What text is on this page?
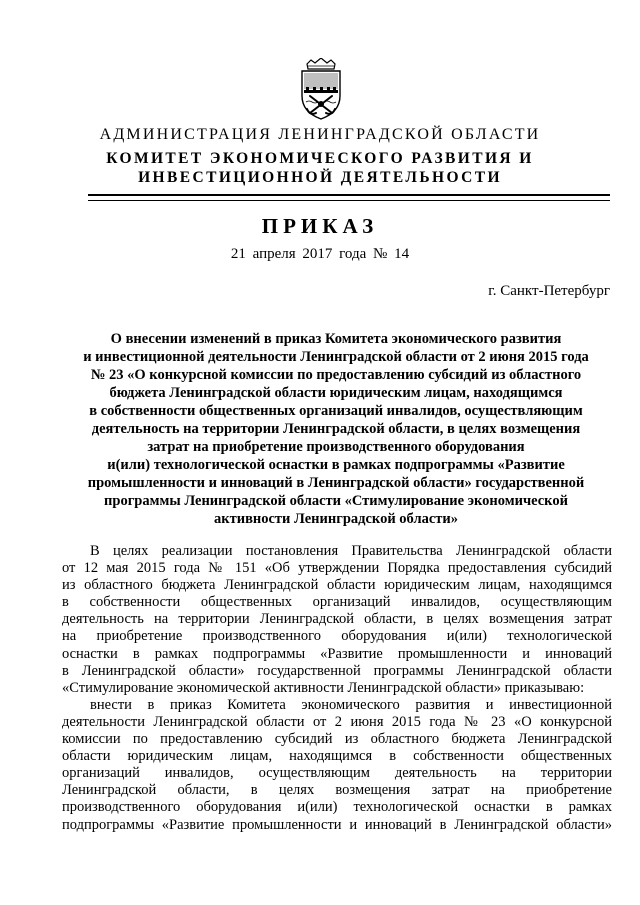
АДМИНИСТРАЦИЯ ЛЕНИНГРАДСКОЙ ОБЛАСТИ
КОМИТЕТ ЭКОНОМИЧЕСКОГО РАЗВИТИЯ И
ИНВЕСТИЦИОННОЙ ДЕЯТЕЛЬНОСТИ
ПРИКАЗ
21 апреля 2017 года № 14
г. Санкт-Петербург
О внесении изменений в приказ Комитета экономического развития
и инвестиционной деятельности Ленинградской области от 2 июня 2015 года
№ 23 «О конкурсной комиссии по предоставлению субсидий из областного
бюджета Ленинградской области юридическим лицам, находящимся
в собственности общественных организаций инвалидов, осуществляющим
деятельность на территории Ленинградской области, в целях возмещения
затрат на приобретение производственного оборудования
и(или) технологической оснастки в рамках подпрограммы «Развитие
промышленности и инноваций в Ленинградской области» государственной
программы Ленинградской области «Стимулирование экономической
активности Ленинградской области»
В целях реализации постановления Правительства Ленинградской области
от 12 мая 2015 года № 151 «Об утверждении Порядка предоставления субсидий
из областного бюджета Ленинградской области юридическим лицам, находящимся
в собственности общественных организаций инвалидов, осуществляющим
деятельность на территории Ленинградской области, в целях возмещения затрат
на приобретение производственного оборудования и(или) технологической
оснастки в рамках подпрограммы «Развитие промышленности и инноваций
в Ленинградской области» государственной программы Ленинградской области
«Стимулирование экономической активности Ленинградской области» приказываю:
внести в приказ Комитета экономического развития и инвестиционной
деятельности Ленинградской области от 2 июня 2015 года № 23 «О конкурсной
комиссии по предоставлению субсидий из областного бюджета Ленинградской
области юридическим лицам, находящимся в собственности общественных
организаций инвалидов, осуществляющим деятельность на территории
Ленинградской области, в целях возмещения затрат на приобретение
производственного оборудования и(или) технологической оснастки в рамках
подпрограммы «Развитие промышленности и инноваций в Ленинградской области»
